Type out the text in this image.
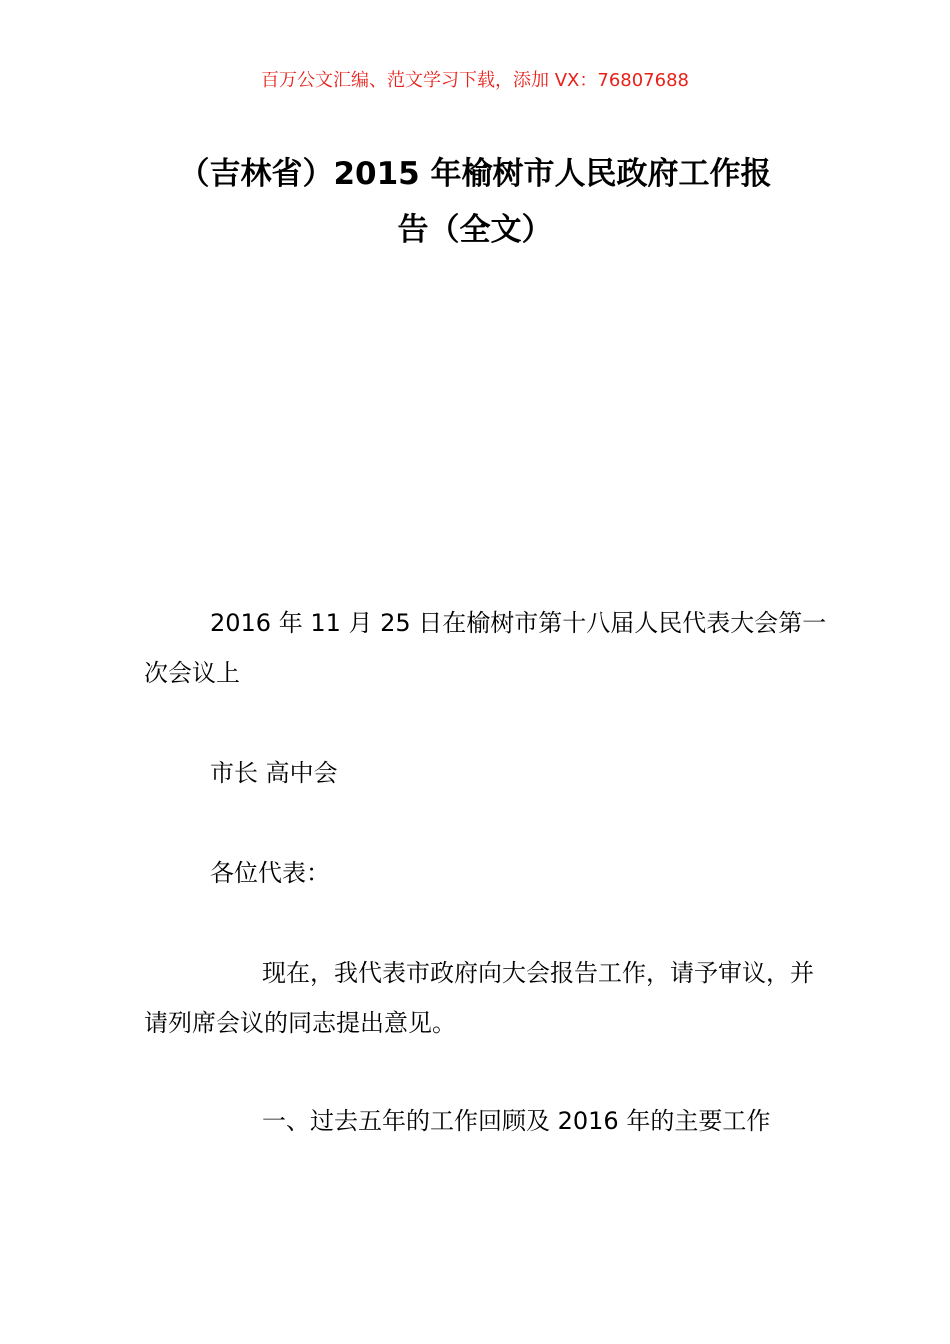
百万公文汇编、范文学习下载，添加 VX：76807688
（吉林省）2015 年榆树市人民政府工作报
告（全文）
2016 年 11 月 25 日在榆树市第十八届人民代表大会第一次会议上
市长 高中会
各位代表：
现在，我代表市政府向大会报告工作，请予审议，并请列席会议的同志提出意见。
一、过去五年的工作回顾及 2016 年的主要工作
